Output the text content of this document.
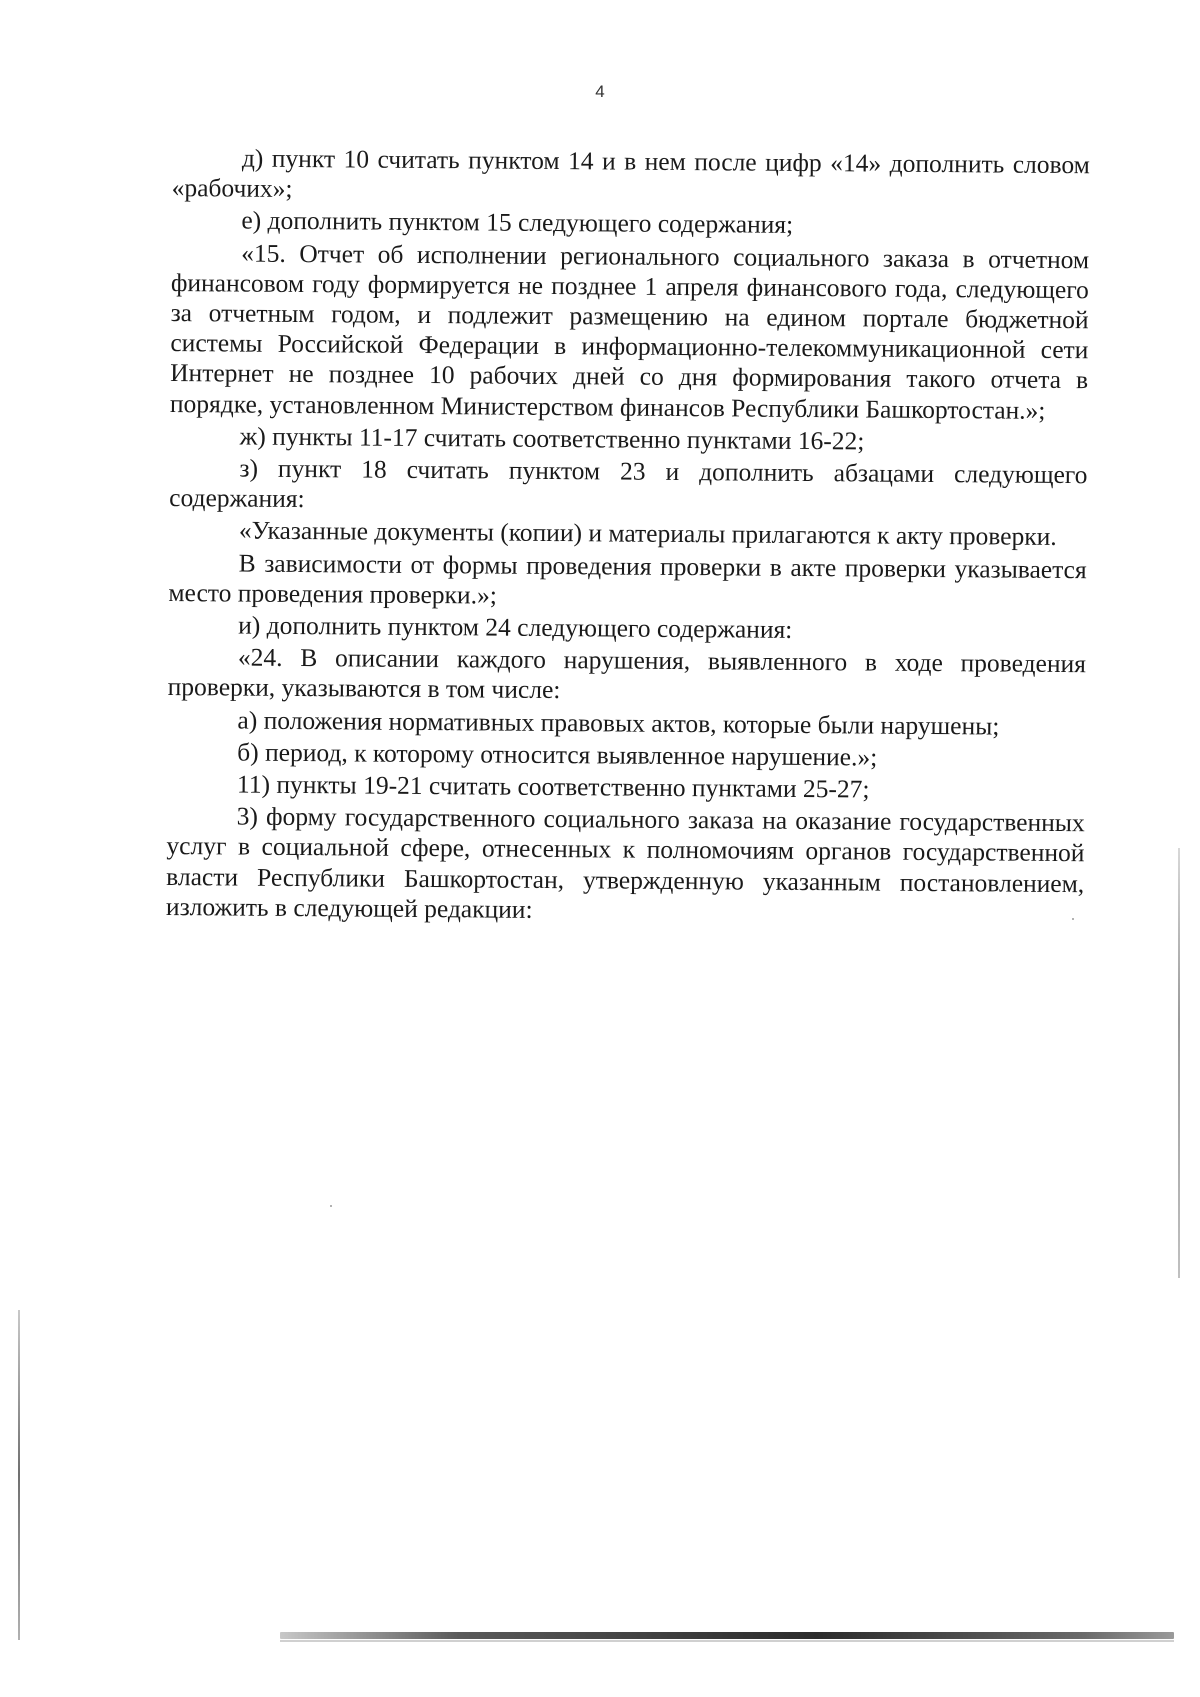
4

д) пункт 10 считать пунктом 14 и в нем после цифр «14» дополнить словом «рабочих»;

е) дополнить пунктом 15 следующего содержания;

«15. Отчет об исполнении регионального социального заказа в отчетном финансовом году формируется не позднее 1 апреля финансового года, следующего за отчетным годом, и подлежит размещению на едином портале бюджетной системы Российской Федерации в информационно-телекоммуникационной сети Интернет не позднее 10 рабочих дней со дня формирования такого отчета в порядке, установленном Министерством финансов Республики Башкортостан.»;

ж) пункты 11-17 считать соответственно пунктами 16-22;

з) пункт 18 считать пунктом 23 и дополнить абзацами следующего содержания:

«Указанные документы (копии) и материалы прилагаются к акту проверки.

В зависимости от формы проведения проверки в акте проверки указывается место проведения проверки.»;

и) дополнить пунктом 24 следующего содержания:

«24. В описании каждого нарушения, выявленного в ходе проведения проверки, указываются в том числе:

а) положения нормативных правовых актов, которые были нарушены;

б) период, к которому относится выявленное нарушение.»;

11) пункты 19-21 считать соответственно пунктами 25-27;

3) форму государственного социального заказа на оказание государственных услуг в социальной сфере, отнесенных к полномочиям органов государственной власти Республики Башкортостан, утвержденную указанным постановлением, изложить в следующей редакции:
